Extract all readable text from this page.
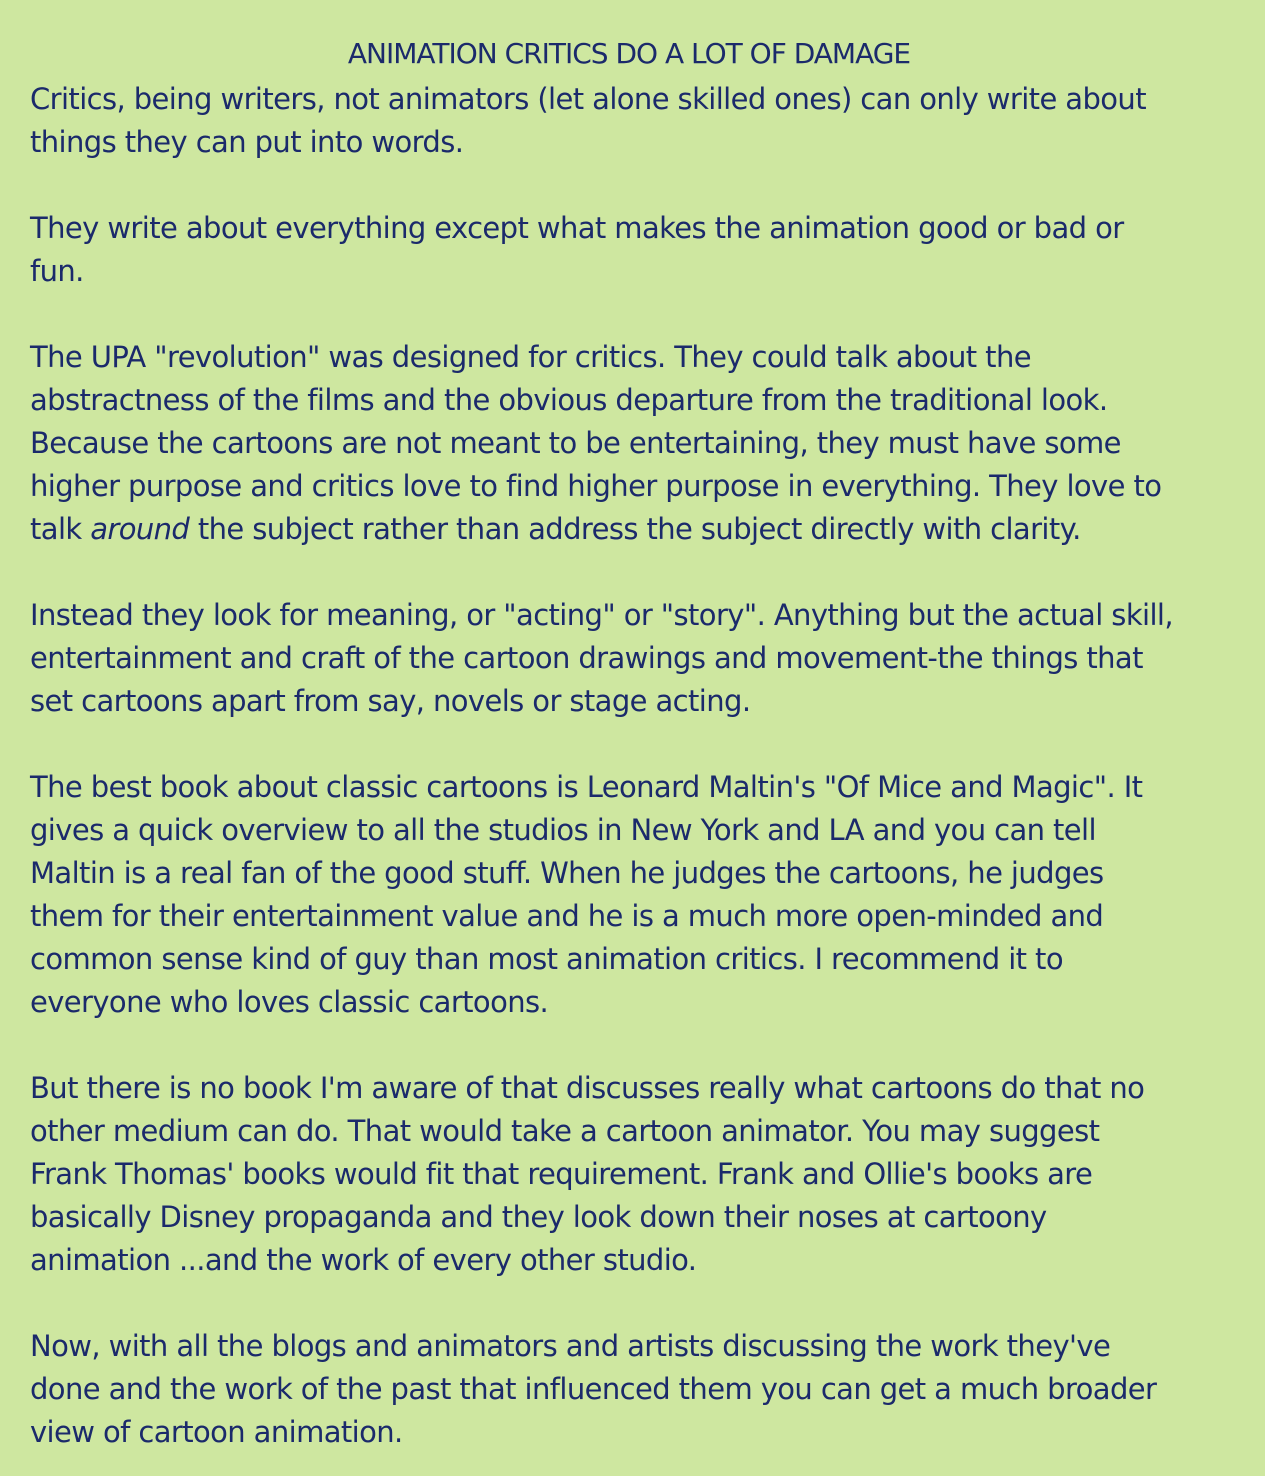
ANIMATION CRITICS DO A LOT OF DAMAGE

Critics, being writers, not animators (let alone skilled ones) can only write about
things they can put into words.

They write about everything except what makes the animation good or bad or
fun.

The UPA "revolution" was designed for critics. They could talk about the
abstractness of the films and the obvious departure from the traditional look.
Because the cartoons are not meant to be entertaining, they must have some
higher purpose and critics love to find higher purpose in everything. They love to
talk around the subject rather than address the subject directly with clarity.

Instead they look for meaning, or "acting" or "story". Anything but the actual skill,
entertainment and craft of the cartoon drawings and movement-the things that
set cartoons apart from say, novels or stage acting.

The best book about classic cartoons is Leonard Maltin's "Of Mice and Magic". It
gives a quick overview to all the studios in New York and LA and you can tell
Maltin is a real fan of the good stuff. When he judges the cartoons, he judges
them for their entertainment value and he is a much more open-minded and
common sense kind of guy than most animation critics. I recommend it to
everyone who loves classic cartoons.

But there is no book I'm aware of that discusses really what cartoons do that no
other medium can do. That would take a cartoon animator. You may suggest
Frank Thomas' books would fit that requirement. Frank and Ollie's books are
basically Disney propaganda and they look down their noses at cartoony
animation ...and the work of every other studio.

Now, with all the blogs and animators and artists discussing the work they've
done and the work of the past that influenced them you can get a much broader
view of cartoon animation.
